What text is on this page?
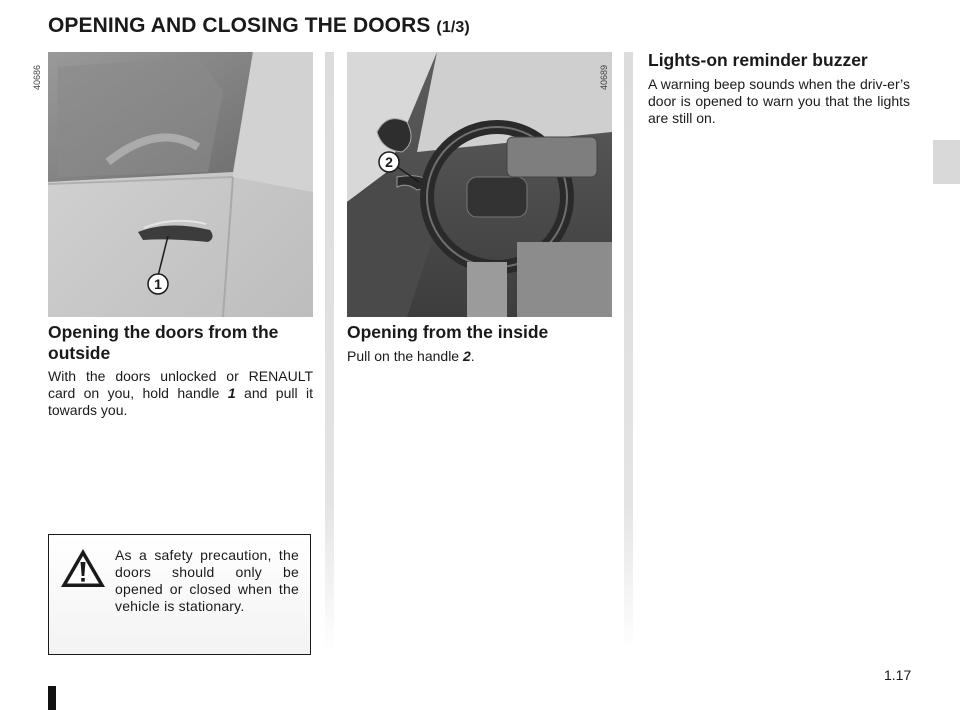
OPENING AND CLOSING THE DOORS (1/3)
1
40686
2
40689
Opening the doors from the outside

With the doors unlocked or RENAULT card on you, hold handle 1 and pull it towards you.

Opening from the inside

Pull on the handle 2.

Lights-on reminder buzzer

A warning beep sounds when the driv-er’s door is opened to warn you that the lights are still on.

As a safety precaution, the doors should only be opened or closed when the vehicle is stationary.

1.17
